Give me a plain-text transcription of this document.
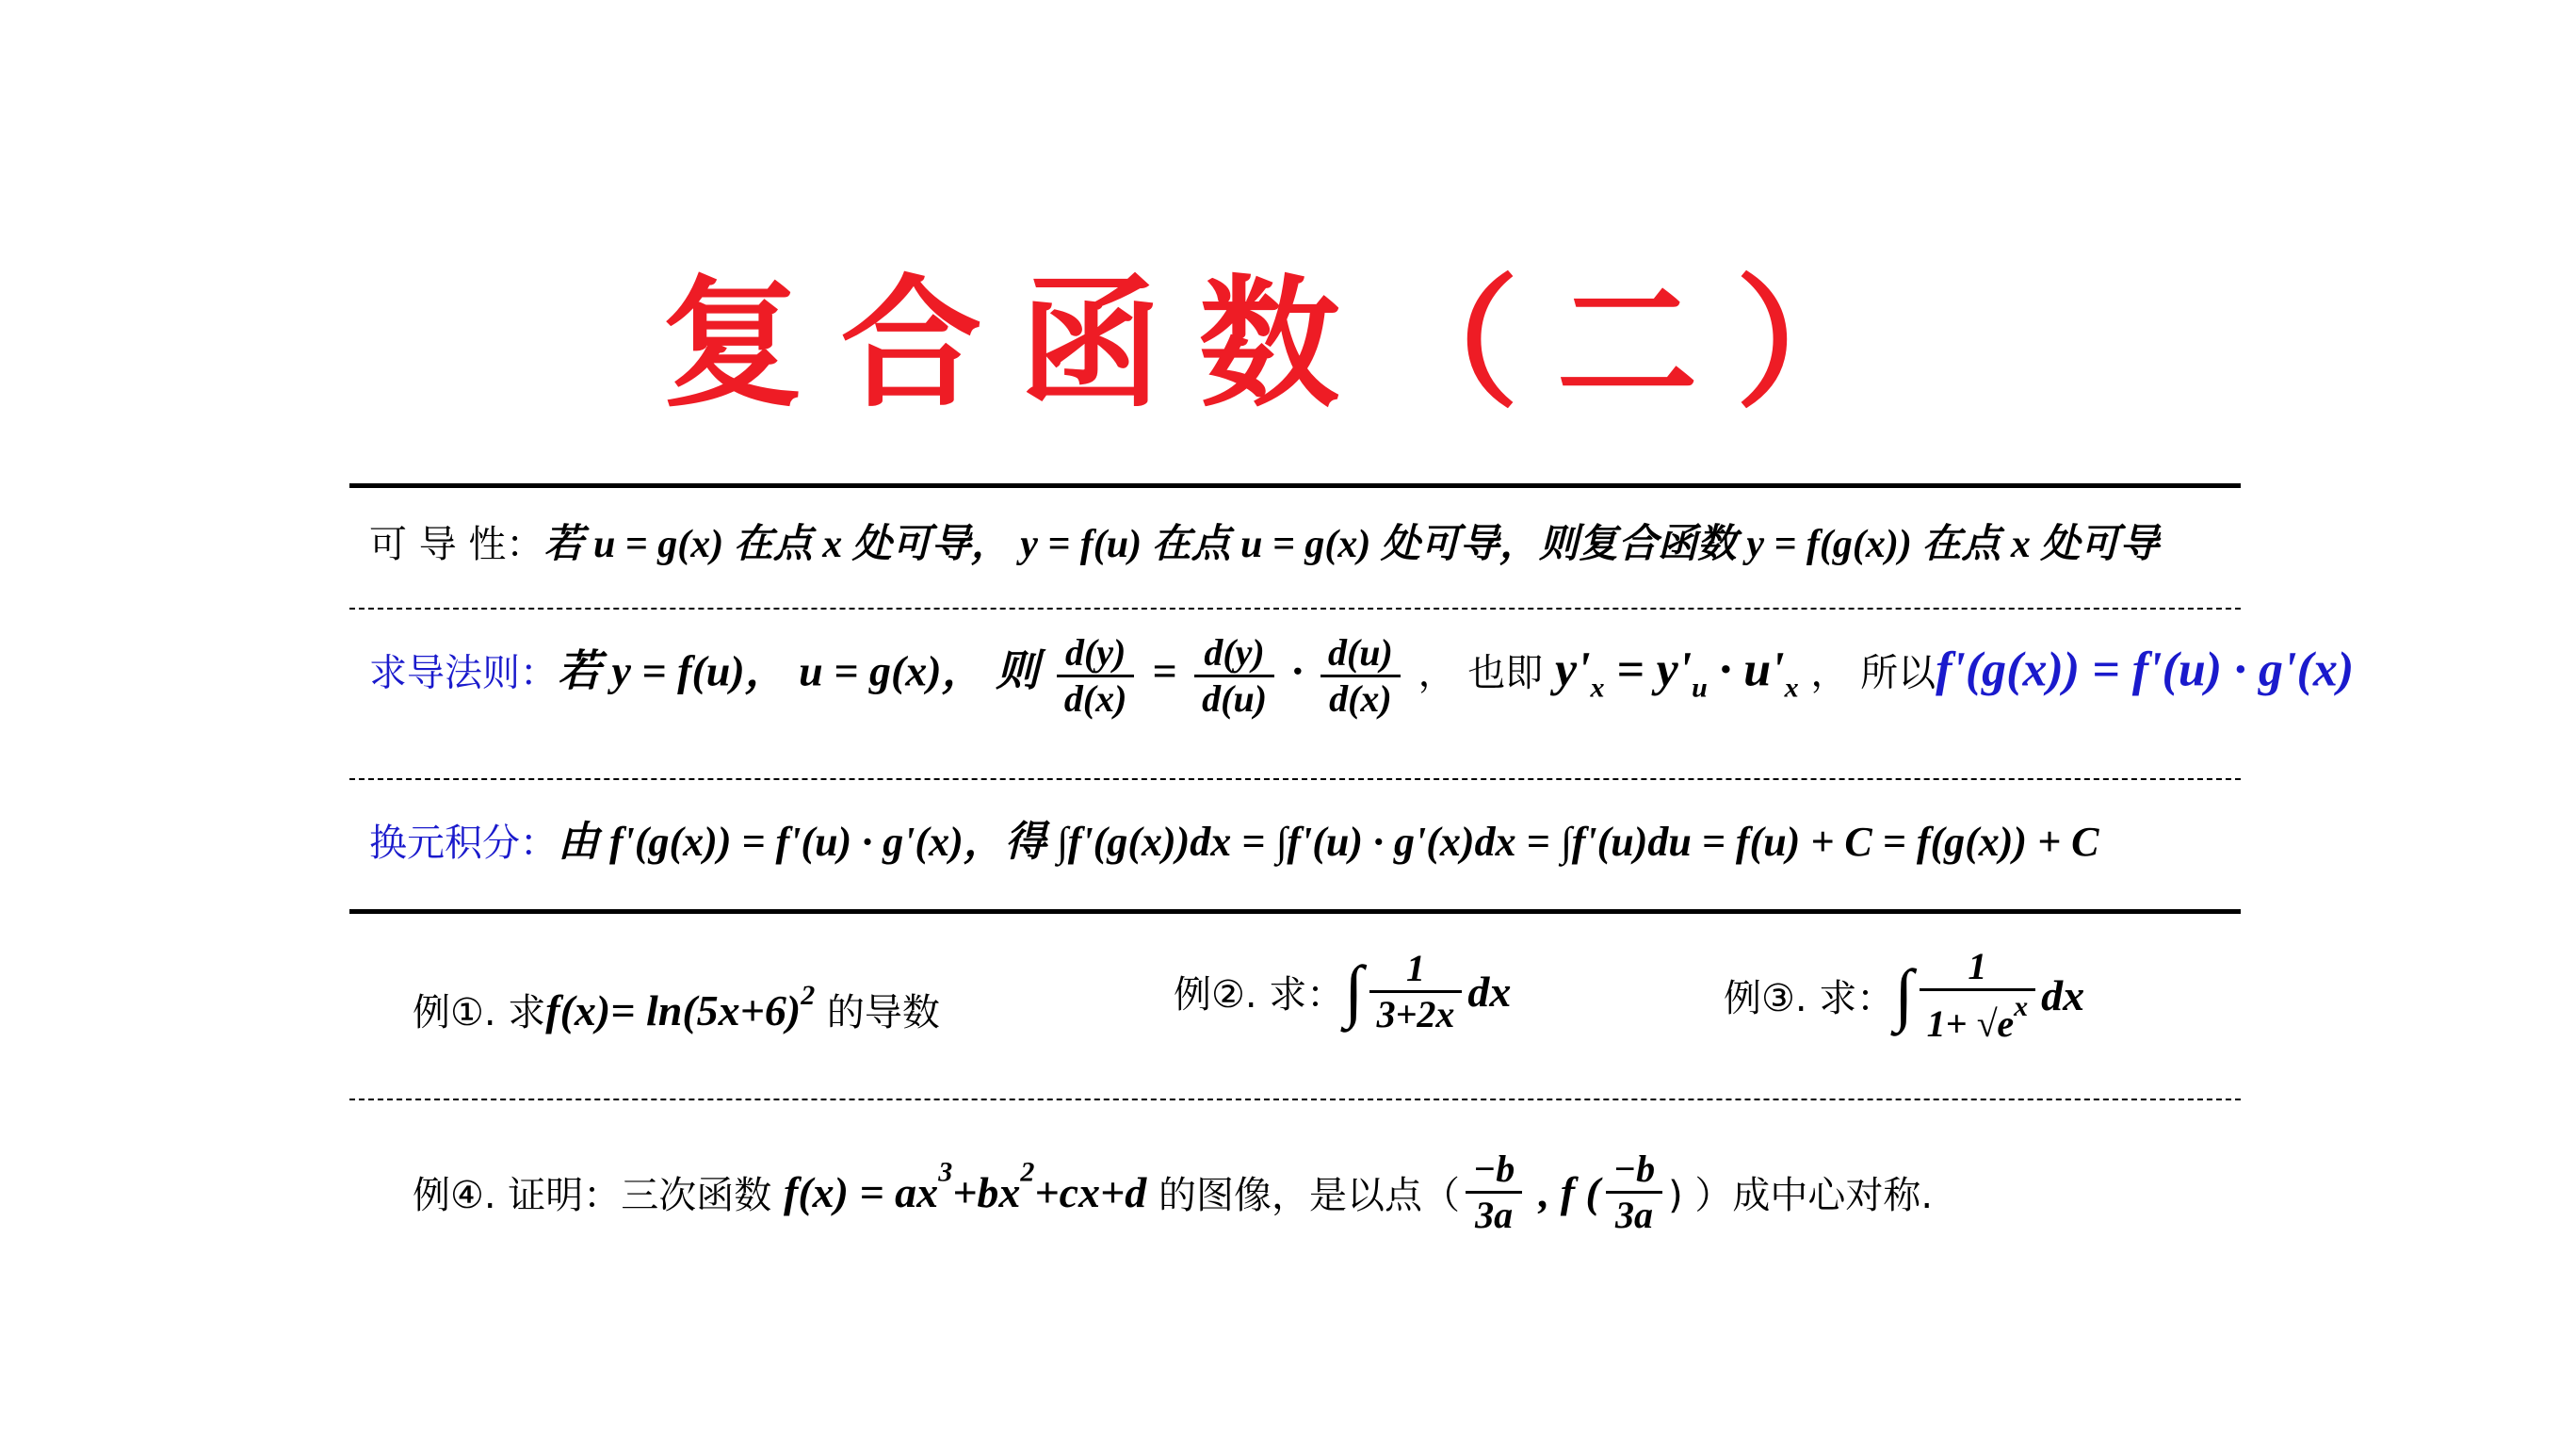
复合函数（二）
可 导 性：若 u = g(x) 在点 x 处可导， y = f(u) 在点 u = g(x) 处可导，则复合函数 y = f(g(x)) 在点 x 处可导
求导法则：若 y = f(u)， u = g(x)， 则 $\frac{d(y)}{d(x)} = \frac{d(y)}{d(u)} \cdot \frac{d(u)}{d(x)}$ ， 也即 $y'_x = y'_u \cdot u'_x$ ， 所以f'(g(x)) = f'(u) · g'(x)
换元积分：由 f'(g(x)) = f'(u) · g'(x)，得 ∫f'(g(x))dx = ∫f'(u) · g'(x)dx = ∫f'(u)du = f(u) + C = f(g(x)) + C
例①. 求$f(x)= \ln(5x+6)^2$ 的导数	例②. 求：∫ $\frac{1}{3+2x}$ dx	例③. 求：∫ $\frac{1}{1+ √e^x}$ dx
例④. 证明：三次函数 $f(x) = ax^3+bx^2+cx+d$ 的图像，是以点（ $\frac{-b}{3a}$ , f ( $\frac{-b}{3a}$ ) ）成中心对称.
